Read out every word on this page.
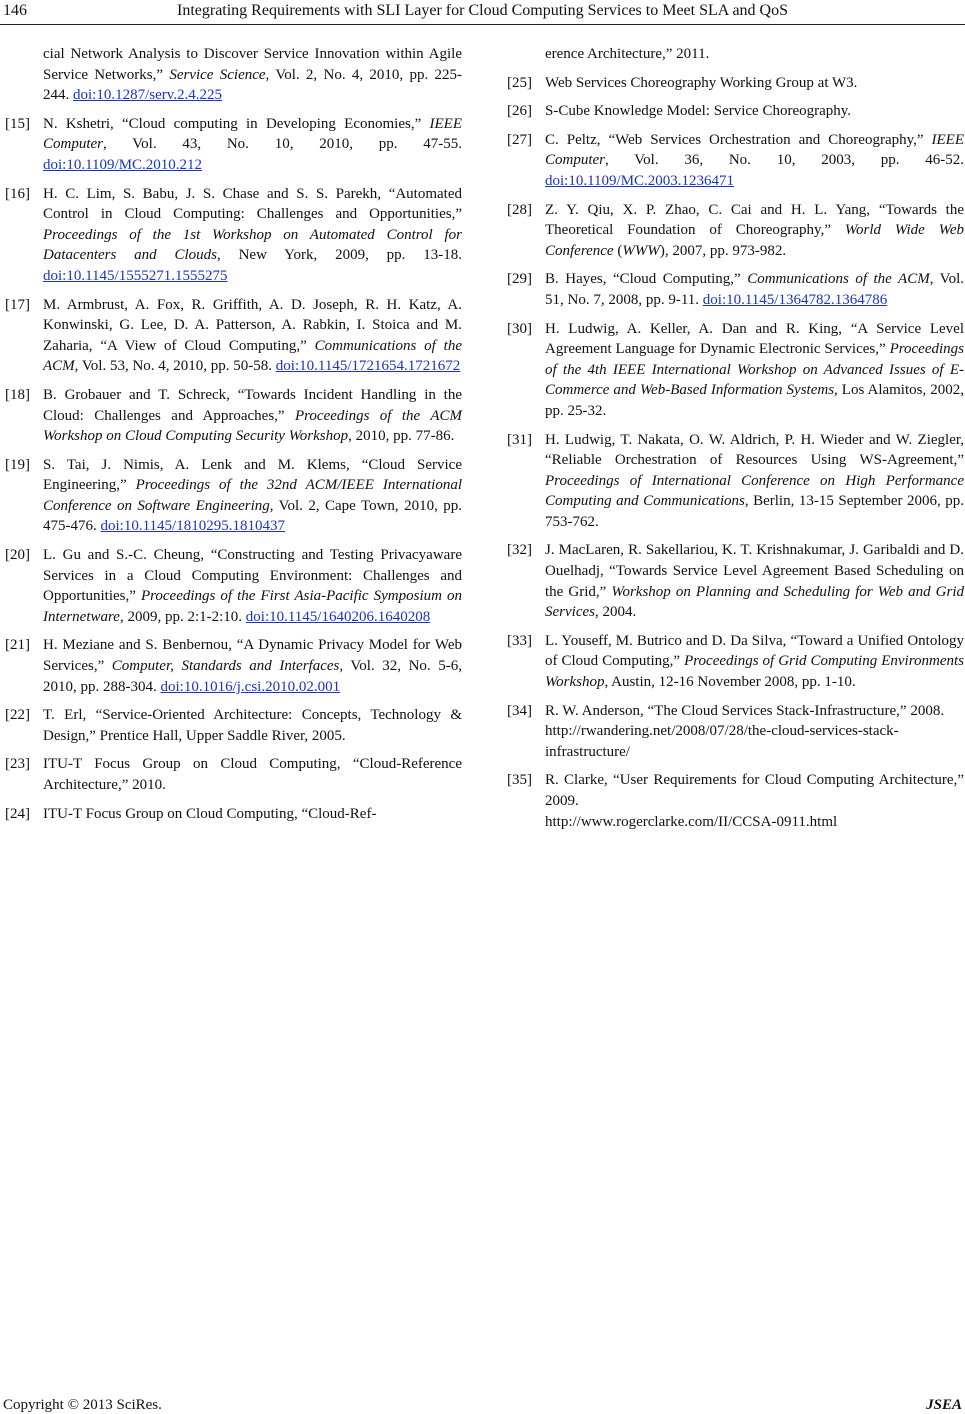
146	Integrating Requirements with SLI Layer for Cloud Computing Services to Meet SLA and QoS
cial Network Analysis to Discover Service Innovation within Agile Service Networks,” Service Science, Vol. 2, No. 4, 2010, pp. 225-244. doi:10.1287/serv.2.4.225
[15] N. Kshetri, “Cloud computing in Developing Economies,” IEEE Computer, Vol. 43, No. 10, 2010, pp. 47-55. doi:10.1109/MC.2010.212
[16] H. C. Lim, S. Babu, J. S. Chase and S. S. Parekh, “Automated Control in Cloud Computing: Challenges and Opportunities,” Proceedings of the 1st Workshop on Automated Control for Datacenters and Clouds, New York, 2009, pp. 13-18. doi:10.1145/1555271.1555275
[17] M. Armbrust, A. Fox, R. Griffith, A. D. Joseph, R. H. Katz, A. Konwinski, G. Lee, D. A. Patterson, A. Rabkin, I. Stoica and M. Zaharia, “A View of Cloud Computing,” Communications of the ACM, Vol. 53, No. 4, 2010, pp. 50-58. doi:10.1145/1721654.1721672
[18] B. Grobauer and T. Schreck, “Towards Incident Handling in the Cloud: Challenges and Approaches,” Proceedings of the ACM Workshop on Cloud Computing Security Workshop, 2010, pp. 77-86.
[19] S. Tai, J. Nimis, A. Lenk and M. Klems, “Cloud Service Engineering,” Proceedings of the 32nd ACM/IEEE International Conference on Software Engineering, Vol. 2, Cape Town, 2010, pp. 475-476. doi:10.1145/1810295.1810437
[20] L. Gu and S.-C. Cheung, “Constructing and Testing Privacyaware Services in a Cloud Computing Environment: Challenges and Opportunities,” Proceedings of the First Asia-Pacific Symposium on Internetware, 2009, pp. 2:1-2:10. doi:10.1145/1640206.1640208
[21] H. Meziane and S. Benbernou, “A Dynamic Privacy Model for Web Services,” Computer, Standards and Interfaces, Vol. 32, No. 5-6, 2010, pp. 288-304. doi:10.1016/j.csi.2010.02.001
[22] T. Erl, “Service-Oriented Architecture: Concepts, Technology & Design,” Prentice Hall, Upper Saddle River, 2005.
[23] ITU-T Focus Group on Cloud Computing, “Cloud-Reference Architecture,” 2010.
[24] ITU-T Focus Group on Cloud Computing, “Cloud-Ref-
erence Architecture,” 2011.
[25] Web Services Choreography Working Group at W3.
[26] S-Cube Knowledge Model: Service Choreography.
[27] C. Peltz, “Web Services Orchestration and Choreography,” IEEE Computer, Vol. 36, No. 10, 2003, pp. 46-52. doi:10.1109/MC.2003.1236471
[28] Z. Y. Qiu, X. P. Zhao, C. Cai and H. L. Yang, “Towards the Theoretical Foundation of Choreography,” World Wide Web Conference (WWW), 2007, pp. 973-982.
[29] B. Hayes, “Cloud Computing,” Communications of the ACM, Vol. 51, No. 7, 2008, pp. 9-11. doi:10.1145/1364782.1364786
[30] H. Ludwig, A. Keller, A. Dan and R. King, “A Service Level Agreement Language for Dynamic Electronic Services,” Proceedings of the 4th IEEE International Workshop on Advanced Issues of E-Commerce and Web-Based Information Systems, Los Alamitos, 2002, pp. 25-32.
[31] H. Ludwig, T. Nakata, O. W. Aldrich, P. H. Wieder and W. Ziegler, “Reliable Orchestration of Resources Using WS-Agreement,” Proceedings of International Conference on High Performance Computing and Communications, Berlin, 13-15 September 2006, pp. 753-762.
[32] J. MacLaren, R. Sakellariou, K. T. Krishnakumar, J. Garibaldi and D. Ouelhadj, “Towards Service Level Agreement Based Scheduling on the Grid,” Workshop on Planning and Scheduling for Web and Grid Services, 2004.
[33] L. Youseff, M. Butrico and D. Da Silva, “Toward a Unified Ontology of Cloud Computing,” Proceedings of Grid Computing Environments Workshop, Austin, 12-16 November 2008, pp. 1-10.
[34] R. W. Anderson, “The Cloud Services Stack-Infrastructure,” 2008.
http://rwandering.net/2008/07/28/the-cloud-services-stack-infrastructure/
[35] R. Clarke, “User Requirements for Cloud Computing Architecture,” 2009.
http://www.rogerclarke.com/II/CCSA-0911.html
Copyright © 2013 SciRes.	JSEA
